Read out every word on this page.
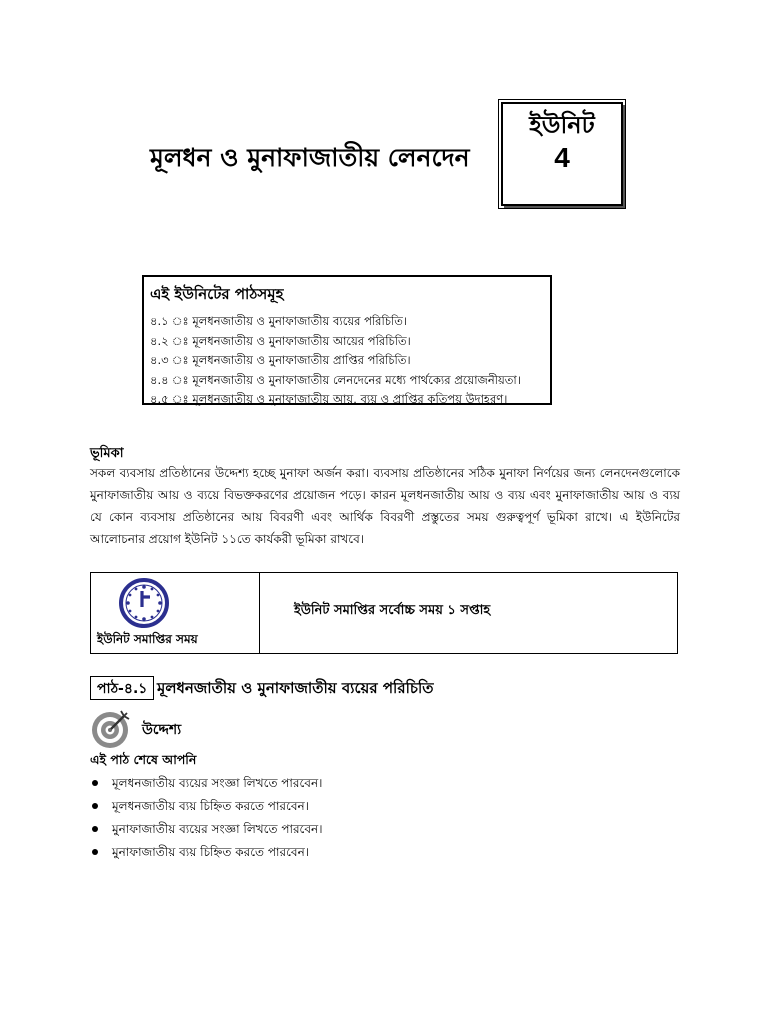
মূলধন ও মুনাফাজাতীয় লেনদেন
ইউনিট
4
এই ইউনিটের পাঠসমূহ
৪.১ ঃ মূলধনজাতীয় ও মুনাফাজাতীয় ব্যয়ের পরিচিতি।
৪.২ ঃ মূলধনজাতীয় ও মুনাফাজাতীয় আয়ের পরিচিতি।
৪.৩ ঃ মূলধনজাতীয় ও মুনাফাজাতীয় প্রাপ্তির পরিচিতি।
৪.৪ ঃ মূলধনজাতীয় ও মুনাফাজাতীয় লেনদেনের মধ্যে পার্থক্যের প্রয়োজনীয়তা।
৪.৫ ঃ মূলধনজাতীয় ও মুনাফাজাতীয় আয়, ব্যয় ও প্রাপ্তির কতিপয় উদাহরণ।
ভূমিকা
সকল ব্যবসায় প্রতিষ্ঠানের উদ্দেশ্য হচ্ছে মুনাফা অর্জন করা। ব্যবসায় প্রতিষ্ঠানের সঠিক মুনাফা নির্ণয়ের জন্য লেনদেনগুলোকে মুনাফাজাতীয় আয় ও ব্যয়ে বিভক্তকরণের প্রয়োজন পড়ে। কারন মূলধনজাতীয় আয় ও ব্যয় এবং মুনাফাজাতীয় আয় ও ব্যয় যে কোন ব্যবসায় প্রতিষ্ঠানের আয় বিবরণী এবং আর্থিক বিবরণী প্রস্তুতের সময় গুরুত্বপূর্ণ ভূমিকা রাখে। এ ইউনিটের আলোচনার প্রয়োগ ইউনিট ১১তে কার্যকরী ভূমিকা রাখবে।
ইউনিট সমাপ্তির সময়
ইউনিট সমাপ্তির সর্বোচ্চ সময় ১ সপ্তাহ
পাঠ-৪.১ মূলধনজাতীয় ও মুনাফাজাতীয় ব্যয়ের পরিচিতি
উদ্দেশ্য
এই পাঠ শেষে আপনি
মূলধনজাতীয় ব্যয়ের সংজ্ঞা লিখতে পারবেন।
মূলধনজাতীয় ব্যয় চিহ্নিত করতে পারবেন।
মুনাফাজাতীয় ব্যয়ের সংজ্ঞা লিখতে পারবেন।
মুনাফাজাতীয় ব্যয় চিহ্নিত করতে পারবেন।
